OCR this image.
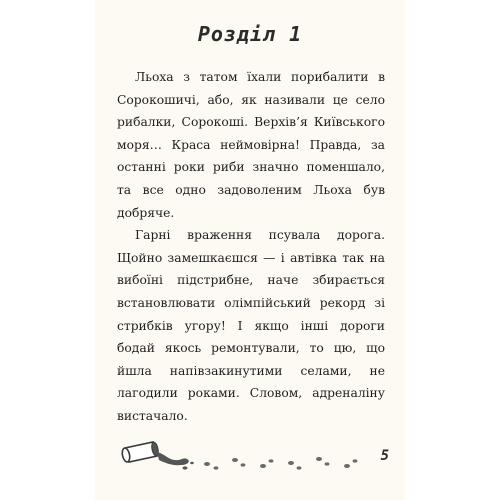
Розділ 1

Льоха з татом їхали порибалити в Сорокошичі, або, як називали це село рибалки, Сорокоші. Верхів’я Київського моря… Краса неймовірна! Правда, за останні роки риби значно поменшало, та все одно задоволеним Льоха був добряче.

Гарні враження псувала дорога. Щойно замешкаєшся — і автівка так на вибоїні підстрибне, наче збирається встановлювати олімпійський рекорд зі стрибків угору! І якщо інші дороги бодай якось ремонтували, то цю, що йшла напівзакинутими селами, не лагодили роками. Словом, адреналіну вистачало.

5
